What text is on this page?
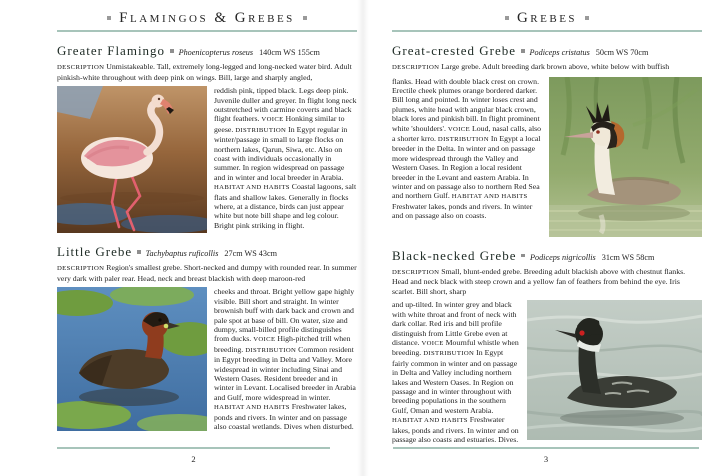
Flamingos & Grebes
Greater Flamingo Phoenicopterus roseus 140cm WS 155cm

DESCRIPTION Unmistakeable. Tall, extremely long-legged and long-necked water bird. Adult pinkish-white throughout with deep pink on wings. Bill, large and sharply angled,

reddish pink, tipped black. Legs deep pink. Juvenile duller and greyer. In flight long neck outstretched with carmine coverts and black flight feathers. VOICE Honking similar to geese. DISTRIBUTION In Egypt regular in winter/passage in small to large flocks on northern lakes, Qarun, Siwa, etc. Also on coast with individuals occasionally in summer. In region widespread on passage and in winter and local breeder in Arabia. HABITAT AND HABITS Coastal lagoons, salt flats and shallow lakes. Generally in flocks where, at a distance, birds can just appear white but note bill shape and leg colour. Bright pink striking in flight.

Little Grebe Tachybaptus ruficollis 27cm WS 43cm

DESCRIPTION Region's smallest grebe. Short-necked and dumpy with rounded rear. In summer very dark with paler rear. Head, neck and breast blackish with deep maroon-red

cheeks and throat. Bright yellow gape highly visible. Bill short and straight. In winter brownish buff with dark back and crown and pale spot at base of bill. On water, size and dumpy, small-billed profile distinguishes from ducks. VOICE High-pitched trill when breeding. DISTRIBUTION Common resident in Egypt breeding in Delta and Valley. More widespread in winter including Sinai and Western Oases. Resident breeder and in winter in Levant. Localised breeder in Arabia and Gulf, more widespread in winter. HABITAT AND HABITS Freshwater lakes, ponds and rivers. In winter and on passage also coastal wetlands. Dives when disturbed.

2
Grebes
Great-crested Grebe Podiceps cristatus 50cm WS 70cm

DESCRIPTION Large grebe. Adult breeding dark brown above, white below with buffish

flanks. Head with double black crest on crown. Erectile cheek plumes orange bordered darker. Bill long and pointed. In winter loses crest and plumes, white head with angular black crown, black lores and pinkish bill. In flight prominent white 'shoulders'. VOICE Loud, nasal calls, also a shorter krro. DISTRIBUTION In Egypt a local breeder in the Delta. In winter and on passage more widespread through the Valley and Western Oases. In Region a local resident breeder in the Levant and eastern Arabia. In winter and on passage also to northern Red Sea and northern Gulf. HABITAT AND HABITS Freshwater lakes, ponds and rivers. In winter and on passage also on coasts.

Black-necked Grebe Podiceps nigricollis 31cm WS 58cm

DESCRIPTION Small, blunt-ended grebe. Breeding adult blackish above with chestnut flanks. Head and neck black with steep crown and a yellow fan of feathers from behind the eye. Iris scarlet. Bill short, sharp

and up-tilted. In winter grey and black with white throat and front of neck with dark collar. Red iris and bill profile distinguish from Little Grebe even at distance. VOICE Mournful whistle when breeding. DISTRIBUTION In Egypt fairly common in winter and on passage in Delta and Valley including northern lakes and Western Oases. In Region on passage and in winter throughout with breeding populations in the southern Gulf, Oman and western Arabia. HABITAT AND HABITS Freshwater lakes, ponds and rivers. In winter and on passage also coasts and estuaries. Dives.

3
